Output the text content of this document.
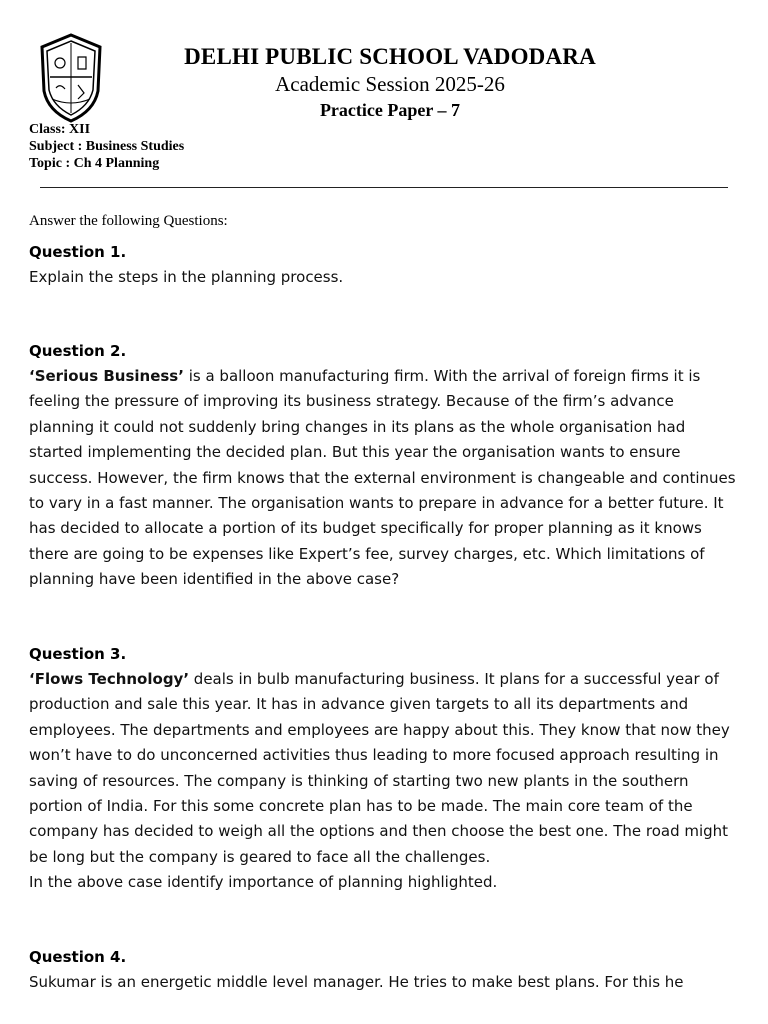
DELHI PUBLIC SCHOOL VADODARA
Academic Session 2025-26
Practice Paper – 7
Class: XII
Subject : Business Studies
Topic : Ch 4 Planning
Answer the following Questions:
Question 1.
Explain the steps in the planning process.
Question 2.
‘Serious Business’ is a balloon manufacturing firm. With the arrival of foreign firms it is feeling the pressure of improving its business strategy. Because of the firm’s advance planning it could not suddenly bring changes in its plans as the whole organisation had started implementing the decided plan. But this year the organisation wants to ensure success. However, the firm knows that the external environment is changeable and continues to vary in a fast manner. The organisation wants to prepare in advance for a better future. It has decided to allocate a portion of its budget specifically for proper planning as it knows there are going to be expenses like Expert’s fee, survey charges, etc. Which limitations of planning have been identified in the above case?
Question 3.
‘Flows Technology’ deals in bulb manufacturing business. It plans for a successful year of production and sale this year. It has in advance given targets to all its departments and employees. The departments and employees are happy about this. They know that now they won’t have to do unconcerned activities thus leading to more focused approach resulting in saving of resources. The company is thinking of starting two new plants in the southern portion of India. For this some concrete plan has to be made. The main core team of the company has decided to weigh all the options and then choose the best one. The road might be long but the company is geared to face all the challenges.
In the above case identify importance of planning highlighted.
Question 4.
Sukumar is an energetic middle level manager. He tries to make best plans. For this he
